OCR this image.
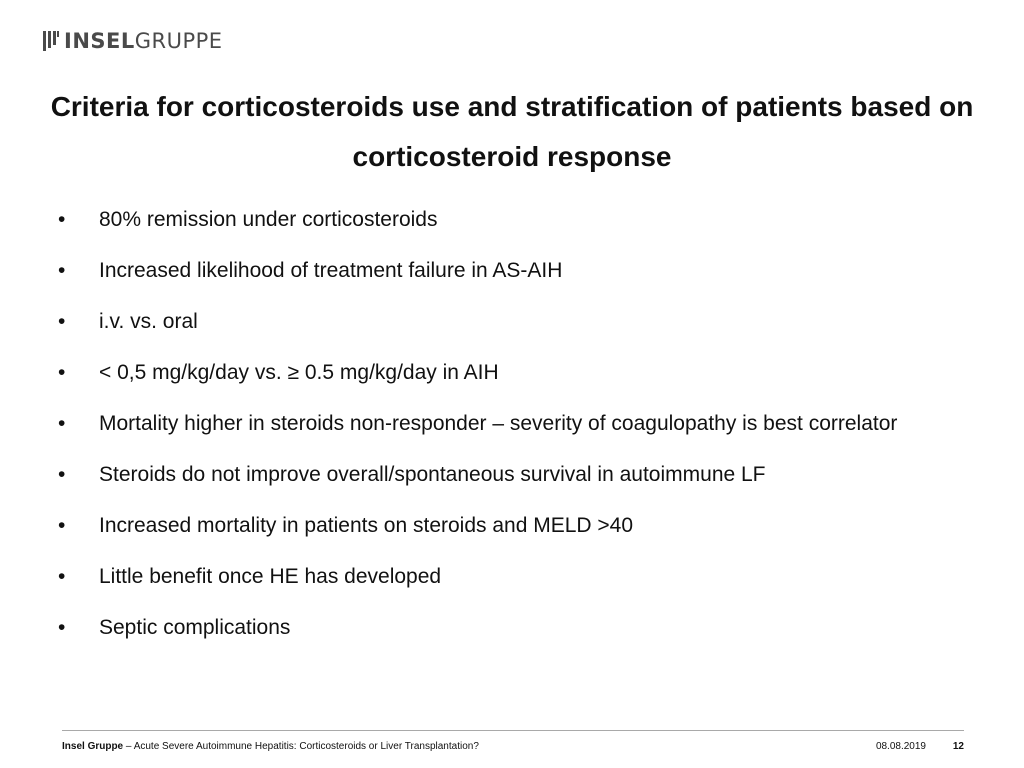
INSELGRUPPE
Criteria for corticosteroids use and stratification of patients based on corticosteroid response
•	80% remission under corticosteroids
•	Increased likelihood of treatment failure in AS-AIH
•	i.v. vs. oral
•	< 0,5 mg/kg/day vs. ≥ 0.5 mg/kg/day in AIH
•	Mortality higher in steroids non-responder – severity of coagulopathy is best correlator
•	Steroids do not improve overall/spontaneous survival in autoimmune LF
•	Increased mortality in patients on steroids and MELD >40
•	Little benefit once HE has developed
•	Septic complications
Insel Gruppe – Acute Severe Autoimmune Hepatitis: Corticosteroids or Liver Transplantation?	08.08.2019	12
